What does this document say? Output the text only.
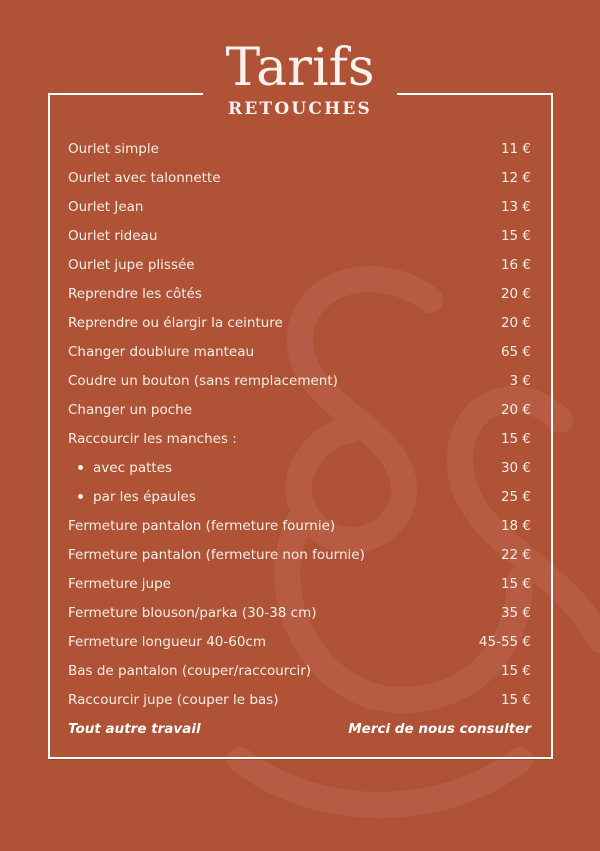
Tarifs
RETOUCHES
Ourlet simple	11 €
Ourlet avec talonnette	12 €
Ourlet Jean	13 €
Ourlet rideau	15 €
Ourlet jupe plissée	16 €
Reprendre les côtés	20 €
Reprendre ou élargir la ceinture	20 €
Changer doublure manteau	65 €
Coudre un bouton (sans remplacement)	3 €
Changer un poche	20 €
Raccourcir les manches :	15 €
avec pattes	30 €
par les épaules	25 €
Fermeture pantalon (fermeture fournie)	18 €
Fermeture pantalon (fermeture non fournie)	22 €
Fermeture jupe	15 €
Fermeture blouson/parka (30-38 cm)	35 €
Fermeture longueur 40-60cm	45-55 €
Bas de pantalon (couper/raccourcir)	15 €
Raccourcir jupe (couper le bas)	15 €
Tout autre travail	Merci de nous consulter
